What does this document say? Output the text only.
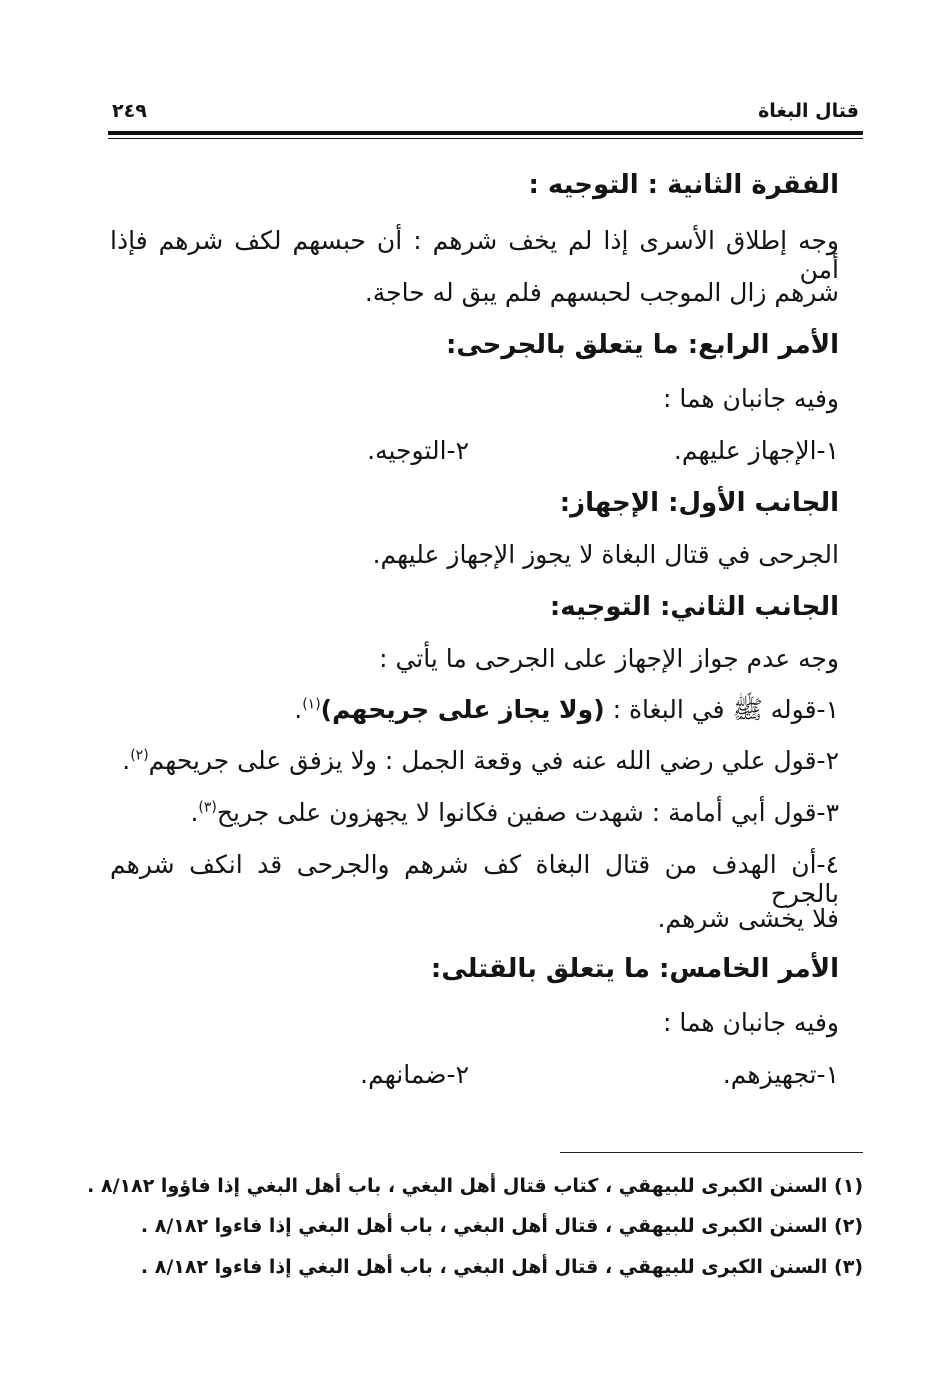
قتال البغاة
٢٤٩
الفقرة الثانية : التوجيه :
وجه إطلاق الأسرى إذا لم يخف شرهم : أن حبسهم لكف شرهم فإذا أمن
شرهم زال الموجب لحبسهم فلم يبق له حاجة.
الأمر الرابع: ما يتعلق بالجرحى:
وفيه جانبان هما :
١-الإجهاز عليهم.
٢-التوجيه.
الجانب الأول: الإجهاز:
الجرحى في قتال البغاة لا يجوز الإجهاز عليهم.
الجانب الثاني: التوجيه:
وجه عدم جواز الإجهاز على الجرحى ما يأتي :
١-قوله ﷺ في البغاة : (ولا يجاز على جريحهم)$^{(١)}$.
٢-قول علي رضي الله عنه في وقعة الجمل : ولا يزفق على جريحهم$^{(٢)}$.
٣-قول أبي أمامة : شهدت صفين فكانوا لا يجهزون على جريح$^{(٣)}$.
٤-أن الهدف من قتال البغاة كف شرهم والجرحى قد انكف شرهم بالجرح
فلا يخشى شرهم.
الأمر الخامس: ما يتعلق بالقتلى:
وفيه جانبان هما :
١-تجهيزهم.
٢-ضمانهم.
(١) السنن الكبرى للبيهقي ، كتاب قتال أهل البغي ، باب أهل البغي إذا فاؤوا ٨/١٨٢ .
(٢) السنن الكبرى للبيهقي ، قتال أهل البغي ، باب أهل البغي إذا فاءوا ٨/١٨٢ .
(٣) السنن الكبرى للبيهقي ، قتال أهل البغي ، باب أهل البغي إذا فاءوا ٨/١٨٢ .
